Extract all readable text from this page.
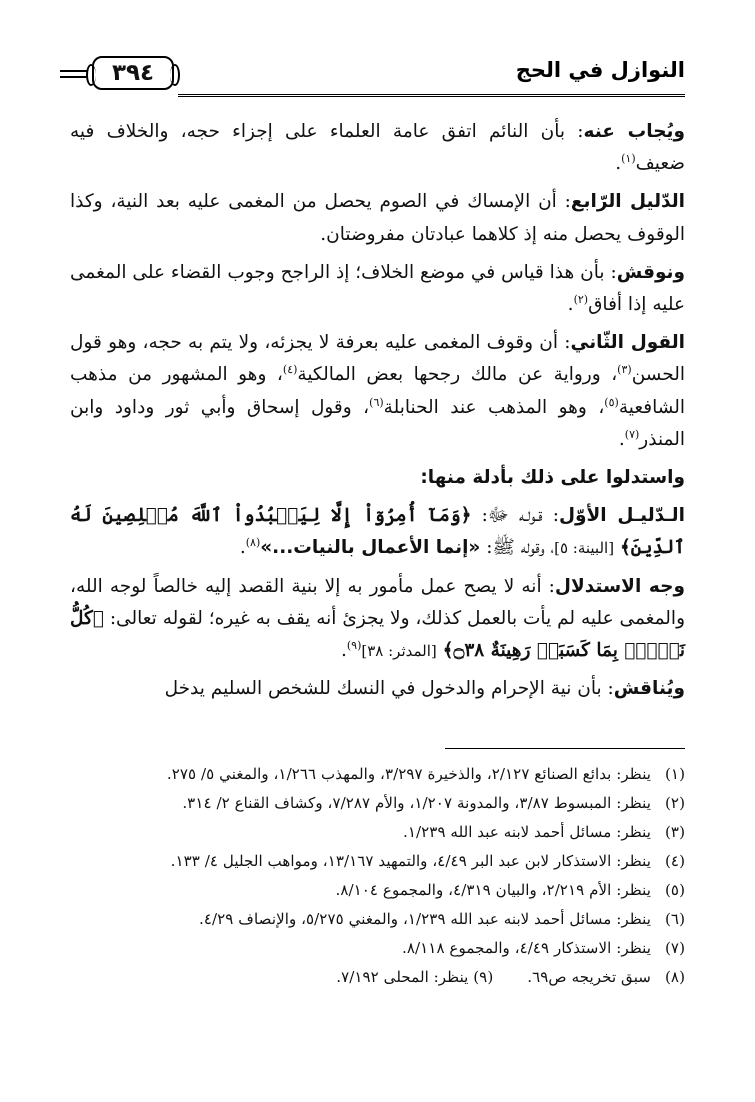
النوازل في الحج
٣٩٤

ويُجاب عنه: بأن النائم اتفق عامة العلماء على إجزاء حجه، والخلاف فيه ضعيف$^{(١)}$.

الدّليل الرّابع: أن الإمساك في الصوم يحصل من المغمى عليه بعد النية، وكذا الوقوف يحصل منه إذ كلاهما عبادتان مفروضتان.

ونوقش: بأن هذا قياس في موضع الخلاف؛ إذ الراجح وجوب القضاء على المغمى عليه إذا أفاق$^{(٢)}$.

القول الثّاني: أن وقوف المغمى عليه بعرفة لا يجزئه، ولا يتم به حجه، وهو قول الحسن$^{(٣)}$، ورواية عن مالك رجحها بعض المالكية$^{(٤)}$، وهو المشهور من مذهب الشافعية$^{(٥)}$، وهو المذهب عند الحنابلة$^{(٦)}$، وقول إسحاق وأبي ثور وداود وابن المنذر$^{(٧)}$.

واستدلوا على ذلك بأدلة منها:

الـدّليـل الأوّل: قـولـه ﷻ: ﴿وَمَآ أُمِرُوٓاْ إِلَّا لِيَعۡبُدُواْ ٱللَّهَ مُخۡلِصِينَ لَهُ ٱلدِّينَ﴾ [البينة: ٥]، وقوله ﷺ: «إنما الأعمال بالنيات...»$^{(٨)}$.

وجه الاستدلال: أنه لا يصح عمل مأمور به إلا بنية القصد إليه خالصاً لوجه الله، والمغمى عليه لم يأت بالعمل كذلك، ولا يجزئ أنه يقف به غيره؛ لقوله تعالى: ﴿كُلُّ نَفۡسِۭ بِمَا كَسَبَتۡ رَهِينَةٌ ۝٣٨﴾ [المدثر: ٣٨]$^{(٩)}$.

ويُناقش: بأن نية الإحرام والدخول في النسك للشخص السليم يدخل

(١)
ينظر: بدائع الصنائع ٢/١٢٧، والذخيرة ٣/٢٩٧، والمهذب ١/٢٦٦، والمغني ٥/ ٢٧٥.
(٢)
ينظر: المبسوط ٣/٨٧، والمدونة ١/٢٠٧، والأم ٧/٢٨٧، وكشاف القناع ٢/ ٣١٤.
(٣)
ينظر: مسائل أحمد لابنه عبد الله ١/٢٣٩.
(٤)
ينظر: الاستذكار لابن عبد البر ٤/٤٩، والتمهيد ١٣/١٦٧، ومواهب الجليل ٤/ ١٣٣.
(٥)
ينظر: الأم ٢/٢١٩، والبيان ٤/٣١٩، والمجموع ٨/١٠٤.
(٦)
ينظر: مسائل أحمد لابنه عبد الله ١/٢٣٩، والمغني ٥/٢٧٥، والإنصاف ٤/٢٩.
(٧)
ينظر: الاستذكار ٤/٤٩، والمجموع ٨/١١٨.
(٨)
سبق تخريجه ص٦٩.
(٩) ينظر: المحلى ٧/١٩٢.
